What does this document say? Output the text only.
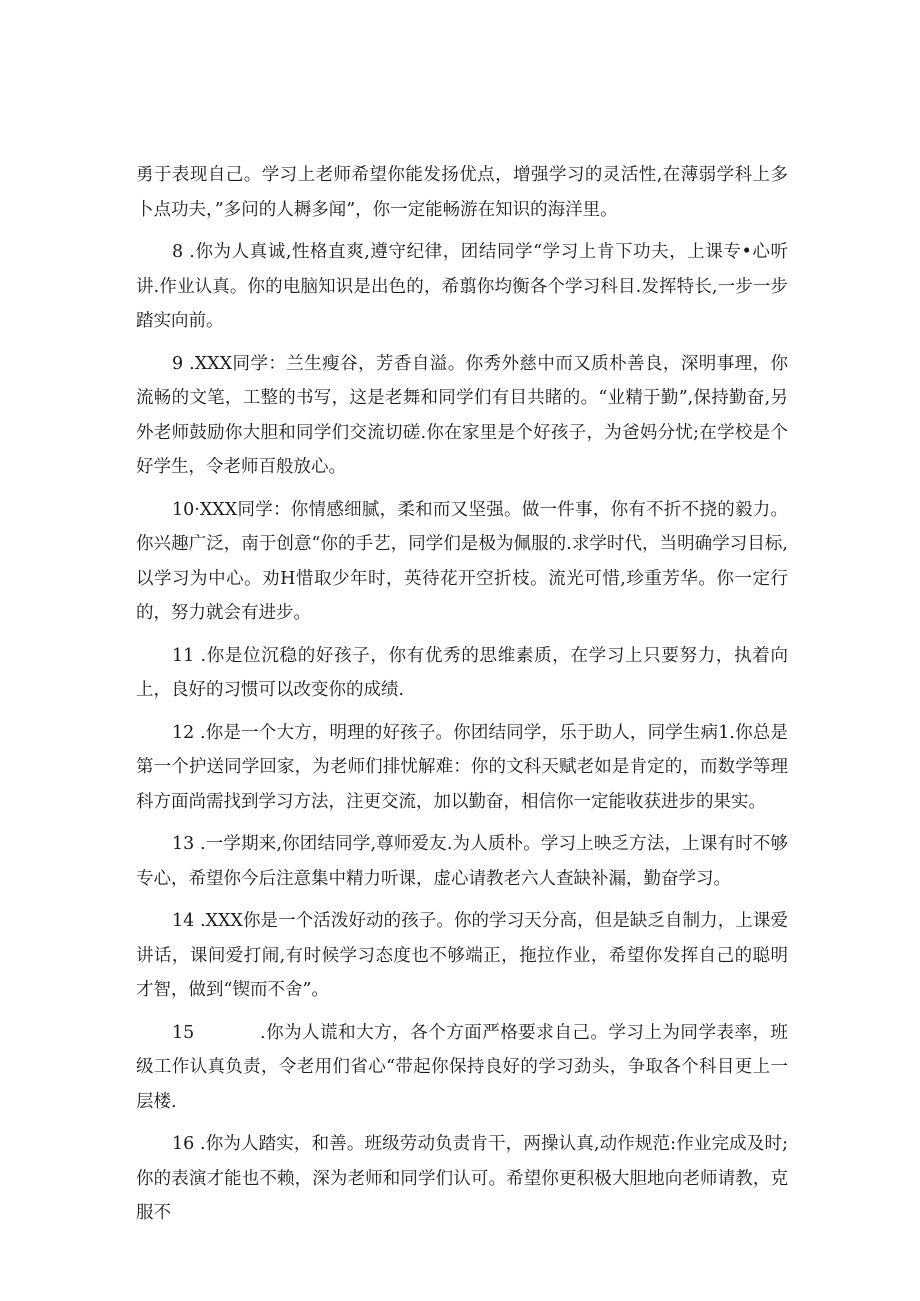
勇于表现自己。学习上老师希望你能发扬优点，增强学习的灵活性,在薄弱学科上多卜点功夫，”多问的人耨多闻”，你一定能畅游在知识的海洋里。

8 .你为人真诚,性格直爽,遵守纪律，团结同学“学习上肯下功夫，上课专•心听讲.作业认真。你的电脑知识是出色的，希翦你均衡各个学习科目.发挥特长,一步一步踏实向前。

9 .XXX同学：兰生瘦谷，芳香自溢。你秀外慈中而又质朴善良，深明事理，你流畅的文笔，工整的书写，这是老舞和同学们有目共睹的。“业精于勤”,保持勤奋,另外老师鼓励你大胆和同学们交流切磋.你在家里是个好孩子，为爸妈分忧;在学校是个好学生，令老师百般放心。

10·XXX同学：你情感细腻，柔和而又坚强。做一件事，你有不折不挠的毅力。你兴趣广泛，南于创意“你的手艺，同学们是极为佩服的.求学时代，当明确学习目标,以学习为中心。劝H惜取少年时，英待花开空折枝。流光可惜,珍重芳华。你一定行的，努力就会有进步。

11 .你是位沉稳的好孩子，你有优秀的思维素质，在学习上只要努力，执着向上，良好的习惯可以改变你的成绩.

12 .你是一个大方，明理的好孩子。你团结同学，乐于助人，同学生病1.你总是第一个护送同学回家，为老师们排忧解难：你的文科天赋老如是肯定的，而数学等理科方面尚需找到学习方法，注更交流，加以勤奋，相信你一定能收获进步的果实。

13 .一学期来,你团结同学,尊师爱友.为人质朴。学习上映乏方法，上课有时不够专心，希望你今后注意集中精力听课，虚心请教老六人查缺补漏，勤奋学习。

14 .XXX你是一个活泼好动的孩子。你的学习天分高，但是缺乏自制力，上课爱讲话，课间爱打闹,有时候学习态度也不够端正，拖拉作业，希望你发挥自己的聪明才智，做到“锲而不舍”。

15	.你为人谎和大方，各个方面严格要求自己。学习上为同学表率，班级工作认真负责，令老用们省心“带起你保持良好的学习劲头，争取各个科目更上一层楼.

16 .你为人踏实，和善。班级劳动负责肯干，两操认真,动作规范:作业完成及时;你的表演才能也不赖，深为老师和同学们认可。希望你更积极大胆地向老师请教，克服不
